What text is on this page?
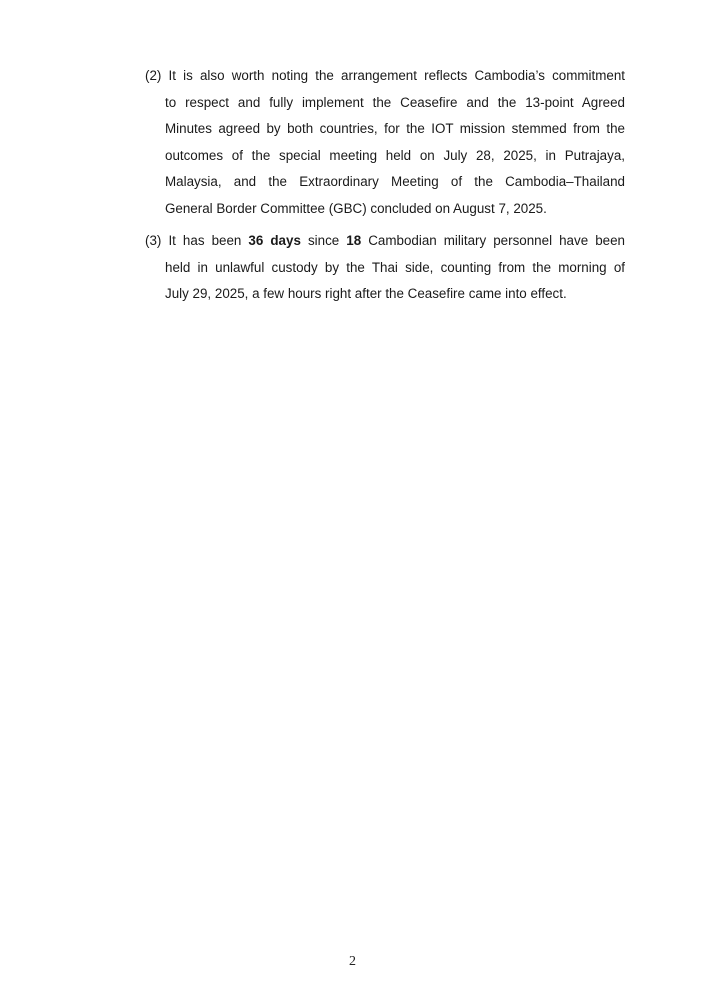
(2) It is also worth noting the arrangement reflects Cambodia’s commitment
to respect and fully implement the Ceasefire and the 13-point Agreed
Minutes agreed by both countries, for the IOT mission stemmed from the
outcomes of the special meeting held on July 28, 2025, in Putrajaya,
Malaysia, and the Extraordinary Meeting of the Cambodia–Thailand
General Border Committee (GBC) concluded on August 7, 2025.
(3) It has been 36 days since 18 Cambodian military personnel have been
held in unlawful custody by the Thai side, counting from the morning of
July 29, 2025, a few hours right after the Ceasefire came into effect.
2
